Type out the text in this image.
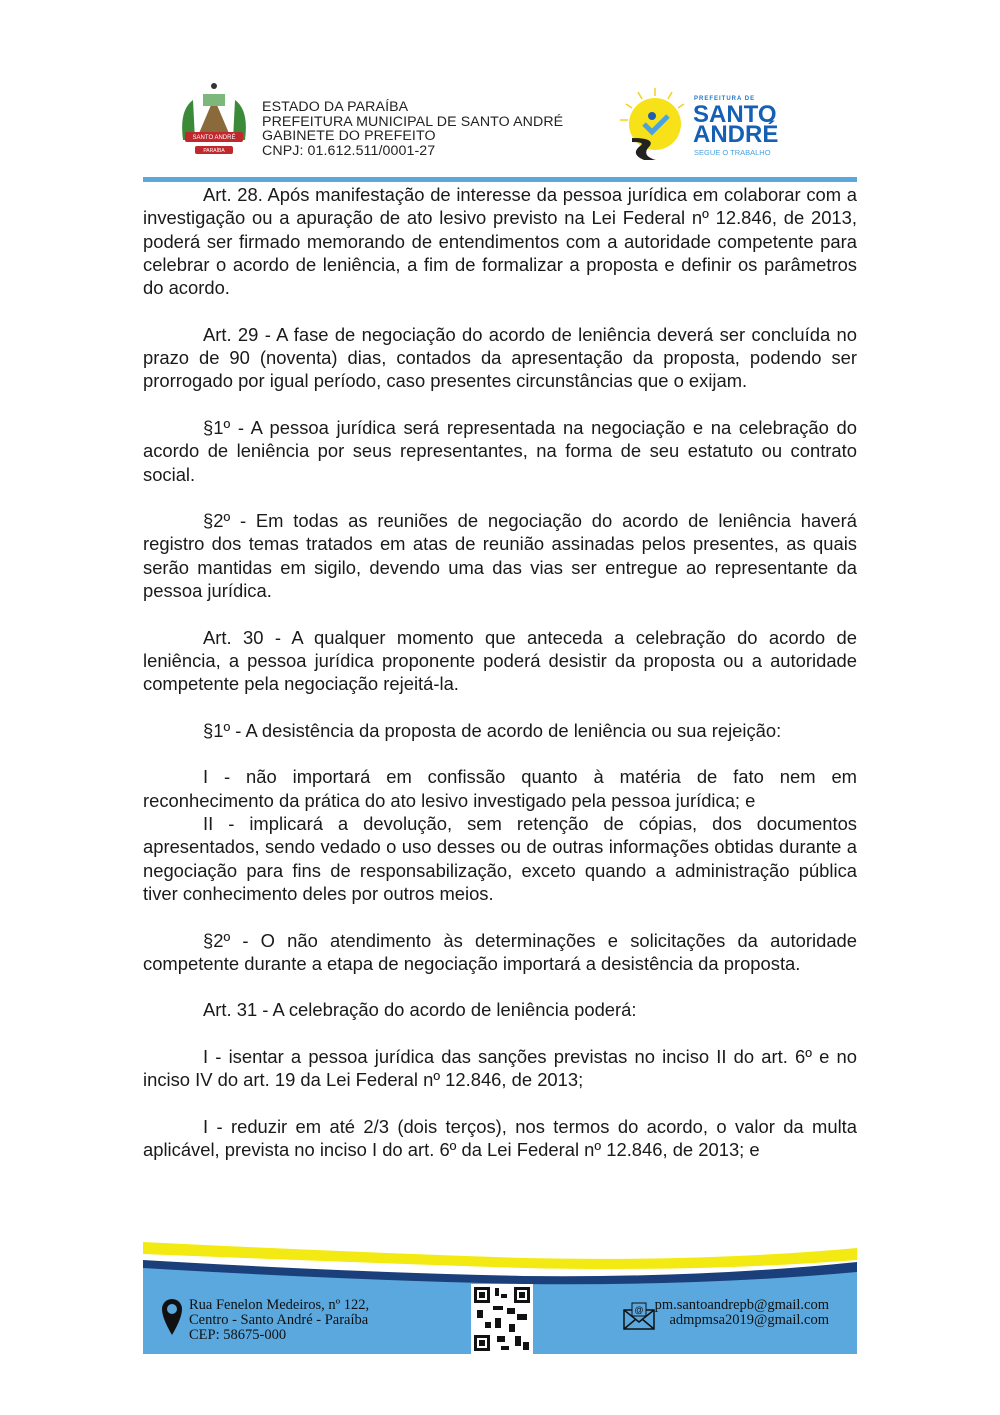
SANTO ANDRÉ
PARAÍBA
ESTADO DA PARAÍBA
PREFEITURA MUNICIPAL DE SANTO ANDRÉ
GABINETE DO PREFEITO
CNPJ: 01.612.511/0001-27
PREFEITURA DE
SANTO
ANDRÉ
SEGUE O TRABALHO

Art. 28. Após manifestação de interesse da pessoa jurídica em colaborar com a investigação ou a apuração de ato lesivo previsto na Lei Federal nº 12.846, de 2013, poderá ser firmado memorando de entendimentos com a autoridade competente para celebrar o acordo de leniência, a fim de formalizar a proposta e definir os parâmetros do acordo.

Art. 29 - A fase de negociação do acordo de leniência deverá ser concluída no prazo de 90 (noventa) dias, contados da apresentação da proposta, podendo ser prorrogado por igual período, caso presentes circunstâncias que o exijam.

§1º - A pessoa jurídica será representada na negociação e na celebração do acordo de leniência por seus representantes, na forma de seu estatuto ou contrato social.

§2º - Em todas as reuniões de negociação do acordo de leniência haverá registro dos temas tratados em atas de reunião assinadas pelos presentes, as quais serão mantidas em sigilo, devendo uma das vias ser entregue ao representante da pessoa jurídica.

Art. 30 - A qualquer momento que anteceda a celebração do acordo de leniência, a pessoa jurídica proponente poderá desistir da proposta ou a autoridade competente pela negociação rejeitá-la.

§1º - A desistência da proposta de acordo de leniência ou sua rejeição:

I - não importará em confissão quanto à matéria de fato nem em reconhecimento da prática do ato lesivo investigado pela pessoa jurídica; e

II - implicará a devolução, sem retenção de cópias, dos documentos apresentados, sendo vedado o uso desses ou de outras informações obtidas durante a negociação para fins de responsabilização, exceto quando a administração pública tiver conhecimento deles por outros meios.

§2º - O não atendimento às determinações e solicitações da autoridade competente durante a etapa de negociação importará a desistência da proposta.

Art. 31 - A celebração do acordo de leniência poderá:

I - isentar a pessoa jurídica das sanções previstas no inciso II do art. 6º e no inciso IV do art. 19 da Lei Federal nº 12.846, de 2013;

I - reduzir em até 2/3 (dois terços), nos termos do acordo, o valor da multa aplicável, prevista no inciso I do art. 6º da Lei Federal nº 12.846, de 2013; e

Rua Fenelon Medeiros, nº 122,
Centro - Santo André - Paraíba
CEP: 58675-000
@ pm.santoandrepb@gmail.com
admpmsa2019@gmail.com
